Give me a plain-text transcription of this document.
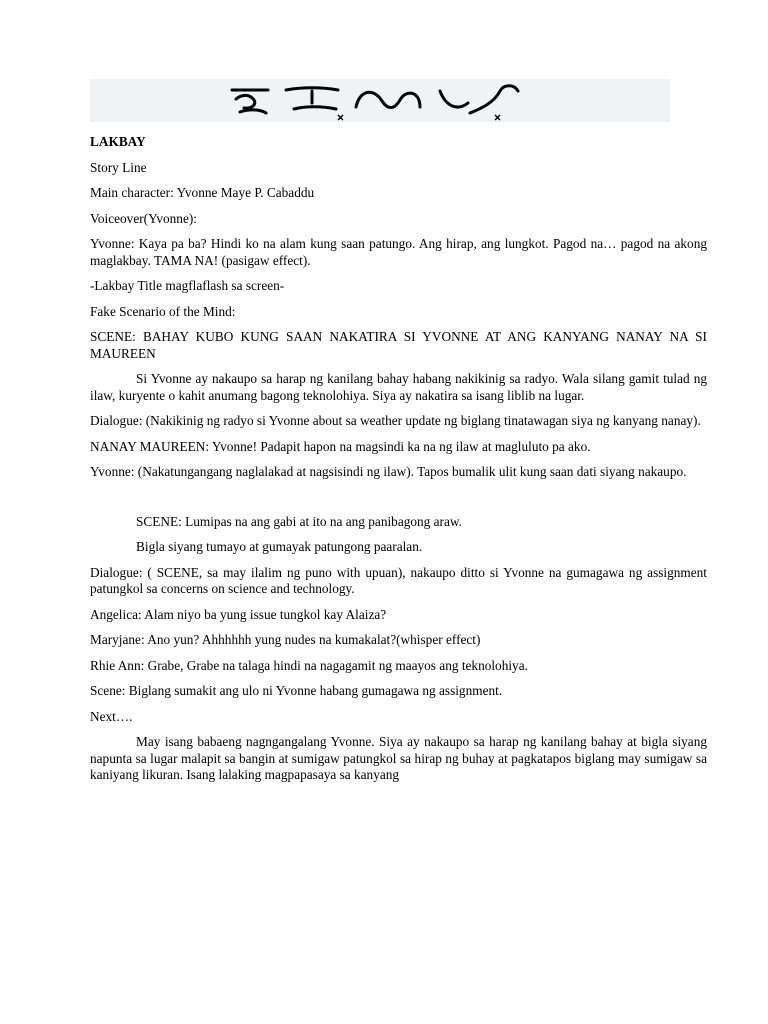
LAKBAY

Story Line

Main character: Yvonne Maye P. Cabaddu

Voiceover(Yvonne):

Yvonne: Kaya pa ba? Hindi ko na alam kung saan patungo. Ang hirap, ang lungkot. Pagod na… pagod na akong maglakbay. TAMA NA! (pasigaw effect).

-Lakbay Title magflaflash sa screen-

Fake Scenario of the Mind:

SCENE: BAHAY KUBO KUNG SAAN NAKATIRA SI YVONNE AT ANG KANYANG NANAY NA SI MAUREEN

Si Yvonne ay nakaupo sa harap ng kanilang bahay habang nakikinig sa radyo. Wala silang gamit tulad ng ilaw, kuryente o kahit anumang bagong teknolohiya. Siya ay nakatira sa isang liblib na lugar.

Dialogue: (Nakikinig ng radyo si Yvonne about sa weather update ng biglang tinatawagan siya ng kanyang nanay).

NANAY MAUREEN: Yvonne! Padapit hapon na magsindi ka na ng ilaw at magluluto pa ako.

Yvonne: (Nakatungangang naglalakad at nagsisindi ng ilaw). Tapos bumalik ulit kung saan dati siyang nakaupo.

SCENE: Lumipas na ang gabi at ito na ang panibagong araw.

Bigla siyang tumayo at gumayak patungong paaralan.

Dialogue: ( SCENE, sa may ilalim ng puno with upuan), nakaupo ditto si Yvonne na gumagawa ng assignment patungkol sa concerns on science and technology.

Angelica: Alam niyo ba yung issue tungkol kay Alaiza?

Maryjane: Ano yun? Ahhhhhh yung nudes na kumakalat?(whisper effect)

Rhie Ann: Grabe, Grabe na talaga hindi na nagagamit ng maayos ang teknolohiya.

Scene: Biglang sumakit ang ulo ni Yvonne habang gumagawa ng assignment.

Next….

May isang babaeng nagngangalang Yvonne. Siya ay nakaupo sa harap ng kanilang bahay at bigla siyang napunta sa lugar malapit sa bangin at sumigaw patungkol sa hirap ng buhay at pagkatapos biglang may sumigaw sa kaniyang likuran. Isang lalaking magpapasaya sa kanyang
